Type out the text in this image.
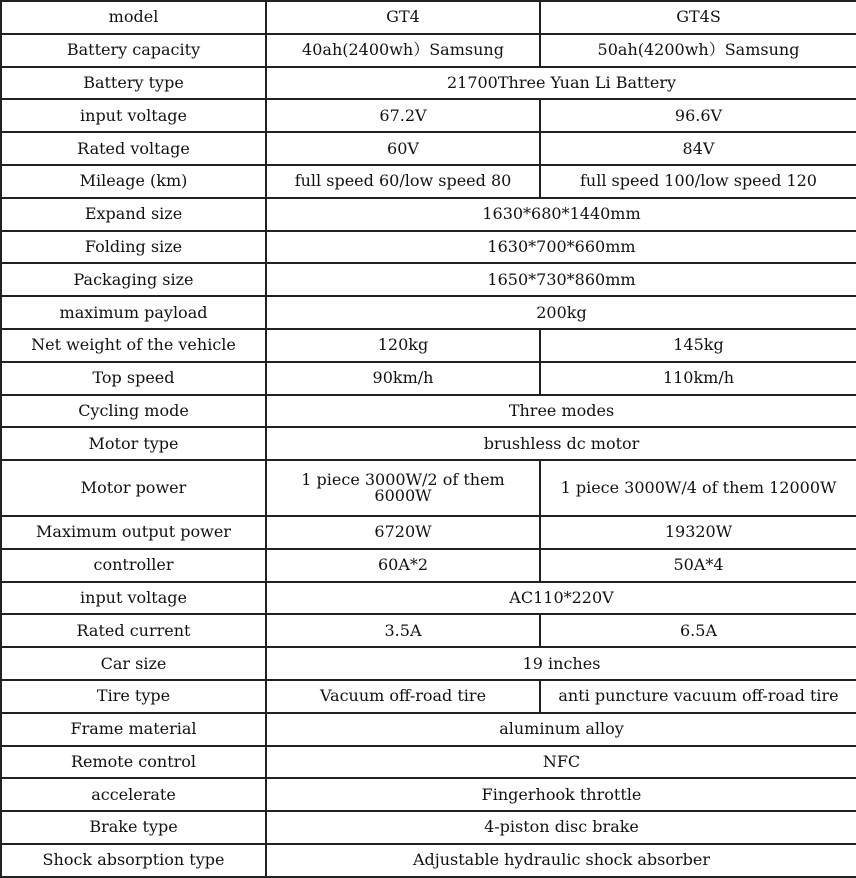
model	GT4	GT4S
Battery capacity	40ah(2400wh）Samsung	50ah(4200wh）Samsung
Battery type	21700Three Yuan Li Battery	
input voltage	67.2V	96.6V
Rated voltage	60V	84V
Mileage (km)	full speed 60/low speed 80	full speed 100/low speed 120
Expand size	1630*680*1440mm	
Folding size	1630*700*660mm	
Packaging size	1650*730*860mm	
maximum payload	200kg	
Net weight of the vehicle	120kg	145kg
Top speed	90km/h	110km/h
Cycling mode	Three modes	
Motor type	brushless dc motor	
Motor power	1 piece 3000W/2 of them 6000W	1 piece 3000W/4 of them 12000W
Maximum output power	6720W	19320W
controller	60A*2	50A*4
input voltage	AC110*220V	
Rated current	3.5A	6.5A
Car size	19 inches	
Tire type	Vacuum off-road tire	anti puncture vacuum off-road tire
Frame material	aluminum alloy	
Remote control	NFC	
accelerate	Fingerhook throttle	
Brake type	4-piston disc brake	
Shock absorption type	Adjustable hydraulic shock absorber	
